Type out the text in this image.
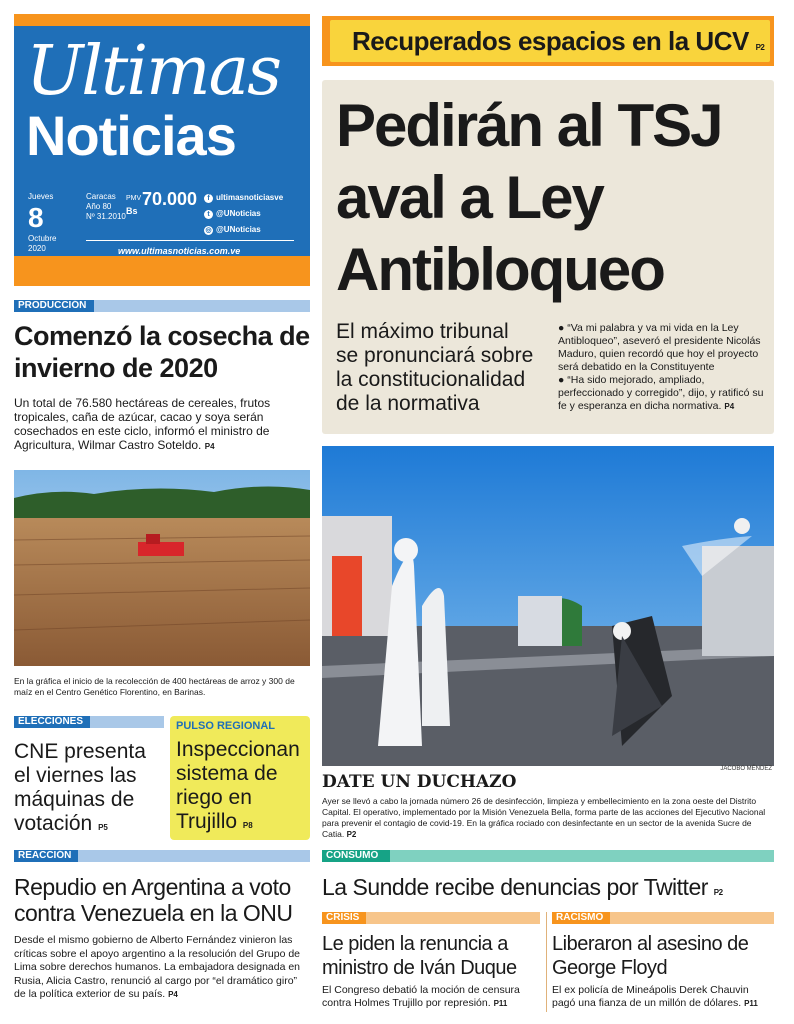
Ultimas
Noticias
Jueves
8
Octubre
2020
Caracas
Año 80
Nº 31.2010
PMV 70.000
Bs
f ultimasnoticiasve
t @UNoticias
◎ @UNoticias
www.ultimasnoticias.com.ve
Recuperados espacios en la UCV P2
Pedirán al TSJ
aval a Ley
Antibloqueo
El máximo tribunal se pronunciará sobre la constitucionalidad de la normativa

● “Va mi palabra y va mi vida en la Ley Antibloqueo”, aseveró el presidente Nicolás Maduro, quien recordó que hoy el proyecto será debatido en la Constituyente

● “Ha sido mejorado, ampliado, perfeccionado y corregido”, dijo, y ratificó su fe y esperanza en dicha normativa. P4

PRODUCCIÓN
Comenzó la cosecha de invierno de 2020
Un total de 76.580 hectáreas de cereales, frutos tropicales, caña de azúcar, cacao y soya serán cosechados en este ciclo, informó el ministro de Agricultura, Wilmar Castro Soteldo. P4
En la gráfica el inicio de la recolección de 400 hectáreas de arroz y 300 de maíz en el Centro Genético Florentino, en Barinas.
ELECCIONES
CNE presenta el viernes las máquinas de votación P5
PULSO REGIONAL
Inspeccionan sistema de riego en Trujillo P8
DATE UN DUCHAZO
JACOBO MÉNDEZ
Ayer se llevó a cabo la jornada número 26 de desinfección, limpieza y embellecimiento en la zona oeste del Distrito Capital. El operativo, implementado por la Misión Venezuela Bella, forma parte de las acciones del Ejecutivo Nacional para prevenir el contagio de covid-19. En la gráfica rociado con desinfectante en un sector de la avenida Sucre de Catia. P2
REACCIÓN
Repudio en Argentina a voto contra Venezuela en la ONU
Desde el mismo gobierno de Alberto Fernández vinieron las críticas sobre el apoyo argentino a la resolución del Grupo de Lima sobre derechos humanos. La embajadora designada en Rusia, Alicia Castro, renunció al cargo por “el dramático giro” de la política exterior de su país. P4
CONSUMO
La Sundde recibe denuncias por Twitter P2
CRISIS
Le piden la renuncia a ministro de Iván Duque
El Congreso debatió la moción de censura contra Holmes Trujillo por represión. P11
RACISMO
Liberaron al asesino de George Floyd
El ex policía de Mineápolis Derek Chauvin pagó una fianza de un millón de dólares. P11
